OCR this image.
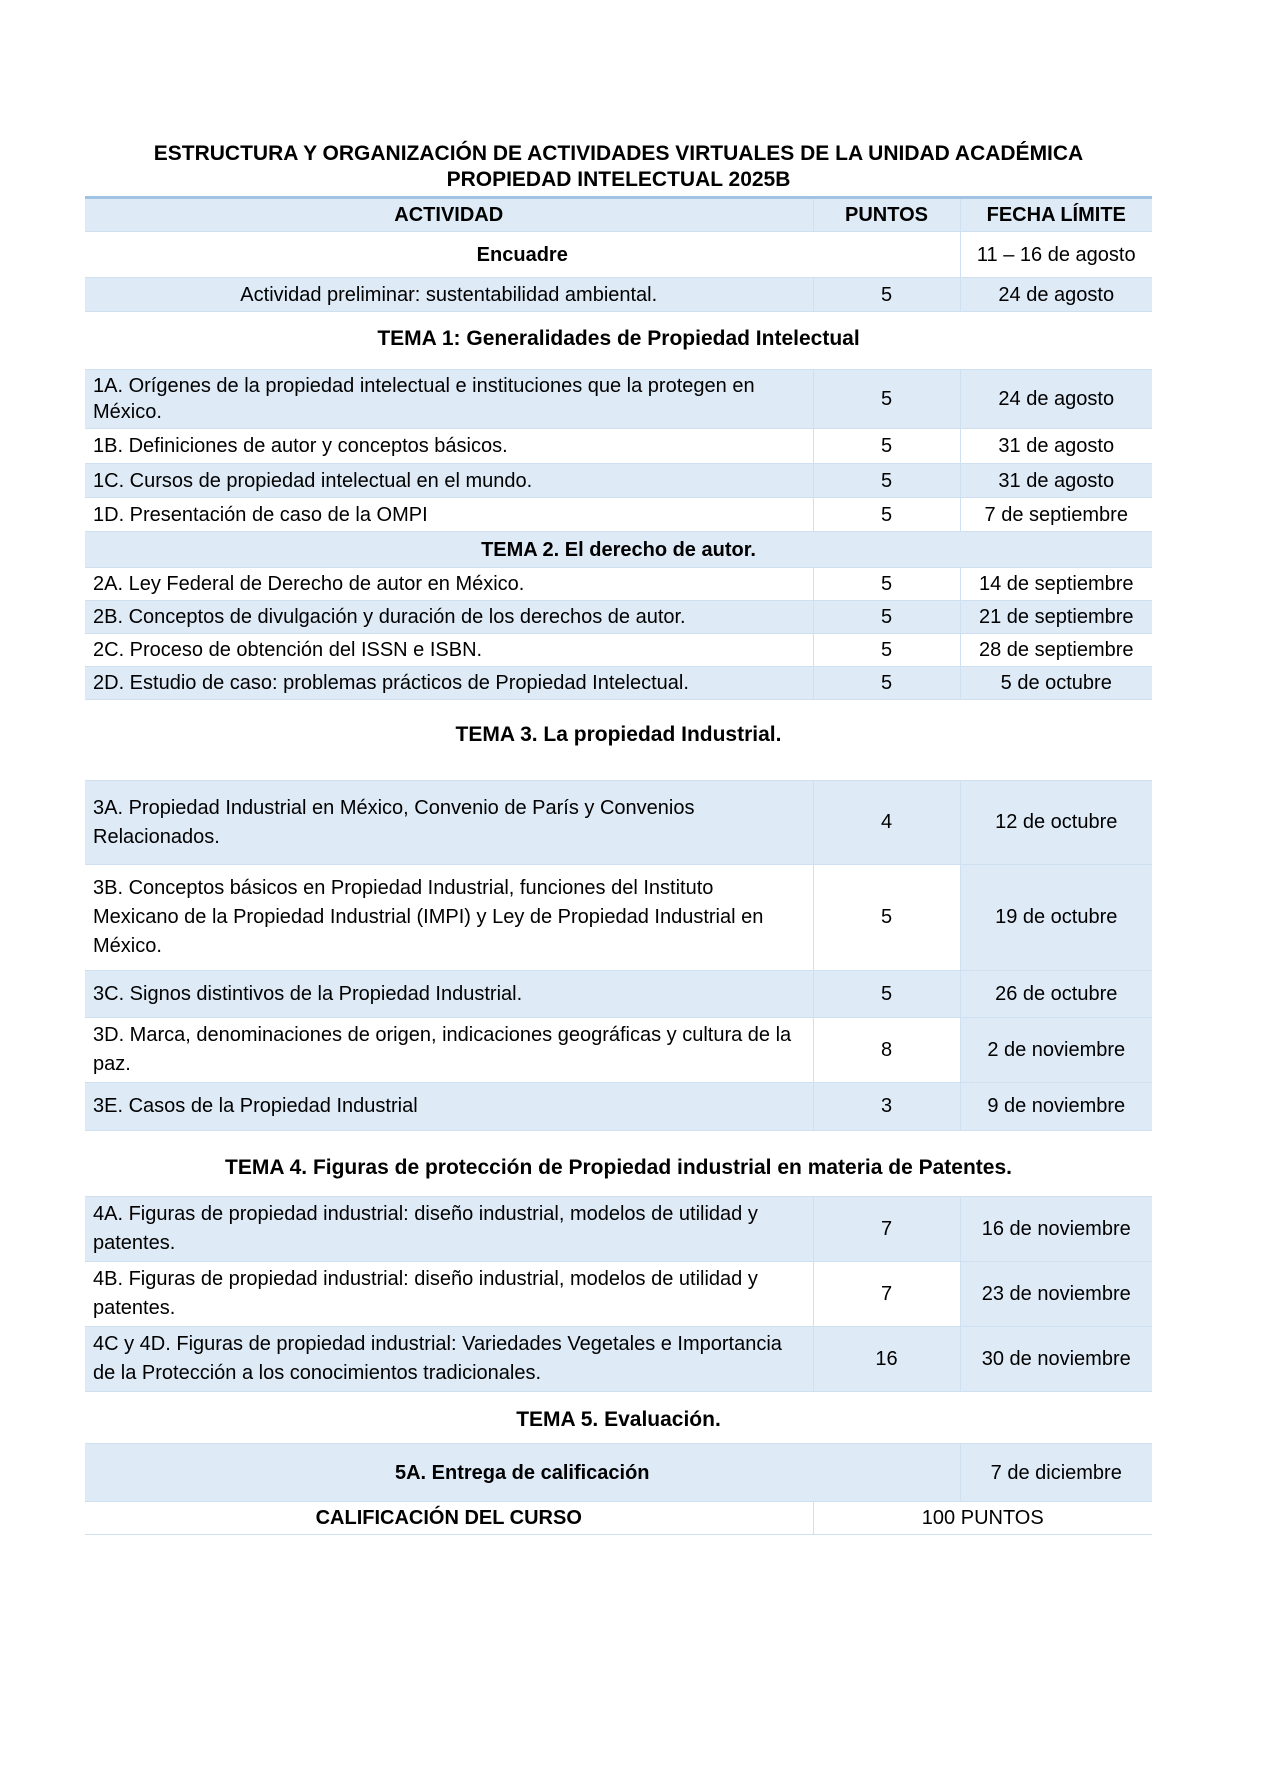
ESTRUCTURA Y ORGANIZACIÓN DE ACTIVIDADES VIRTUALES DE LA UNIDAD ACADÉMICA
PROPIEDAD INTELECTUAL 2025B
ACTIVIDAD	PUNTOS	FECHA LÍMITE
Encuadre		11 – 16 de agosto
Actividad preliminar: sustentabilidad ambiental.	5	24 de agosto
TEMA 1: Generalidades de Propiedad Intelectual
1A. Orígenes de la propiedad intelectual e instituciones que la protegen en México.	5	24 de agosto
1B. Definiciones de autor y conceptos básicos.	5	31 de agosto
1C. Cursos de propiedad intelectual en el mundo.	5	31 de agosto
1D. Presentación de caso de la OMPI	5	7 de septiembre
TEMA 2. El derecho de autor.		
2A. Ley Federal de Derecho de autor en México.	5	14 de septiembre
2B. Conceptos de divulgación y duración de los derechos de autor.	5	21 de septiembre
2C. Proceso de obtención del ISSN e ISBN.	5	28 de septiembre
2D. Estudio de caso: problemas prácticos de Propiedad Intelectual.	5	5 de octubre
TEMA 3. La propiedad Industrial.
3A. Propiedad Industrial en México, Convenio de París y Convenios Relacionados.	4	12 de octubre
3B. Conceptos básicos en Propiedad Industrial, funciones del Instituto Mexicano de la Propiedad Industrial (IMPI) y Ley de Propiedad Industrial en México.	5	19 de octubre
3C. Signos distintivos de la Propiedad Industrial.	5	26 de octubre
3D. Marca, denominaciones de origen, indicaciones geográficas y cultura de la paz.	8	2 de noviembre
3E. Casos de la Propiedad Industrial	3	9 de noviembre
TEMA 4. Figuras de protección de Propiedad industrial en materia de Patentes.
4A. Figuras de propiedad industrial: diseño industrial, modelos de utilidad y patentes.	7	16 de noviembre
4B. Figuras de propiedad industrial: diseño industrial, modelos de utilidad y patentes.	7	23 de noviembre
4C y 4D. Figuras de propiedad industrial: Variedades Vegetales e Importancia de la Protección a los conocimientos tradicionales.	16	30 de noviembre
TEMA 5. Evaluación.
5A. Entrega de calificación		7 de diciembre
CALIFICACIÓN DEL CURSO	100 PUNTOS	
